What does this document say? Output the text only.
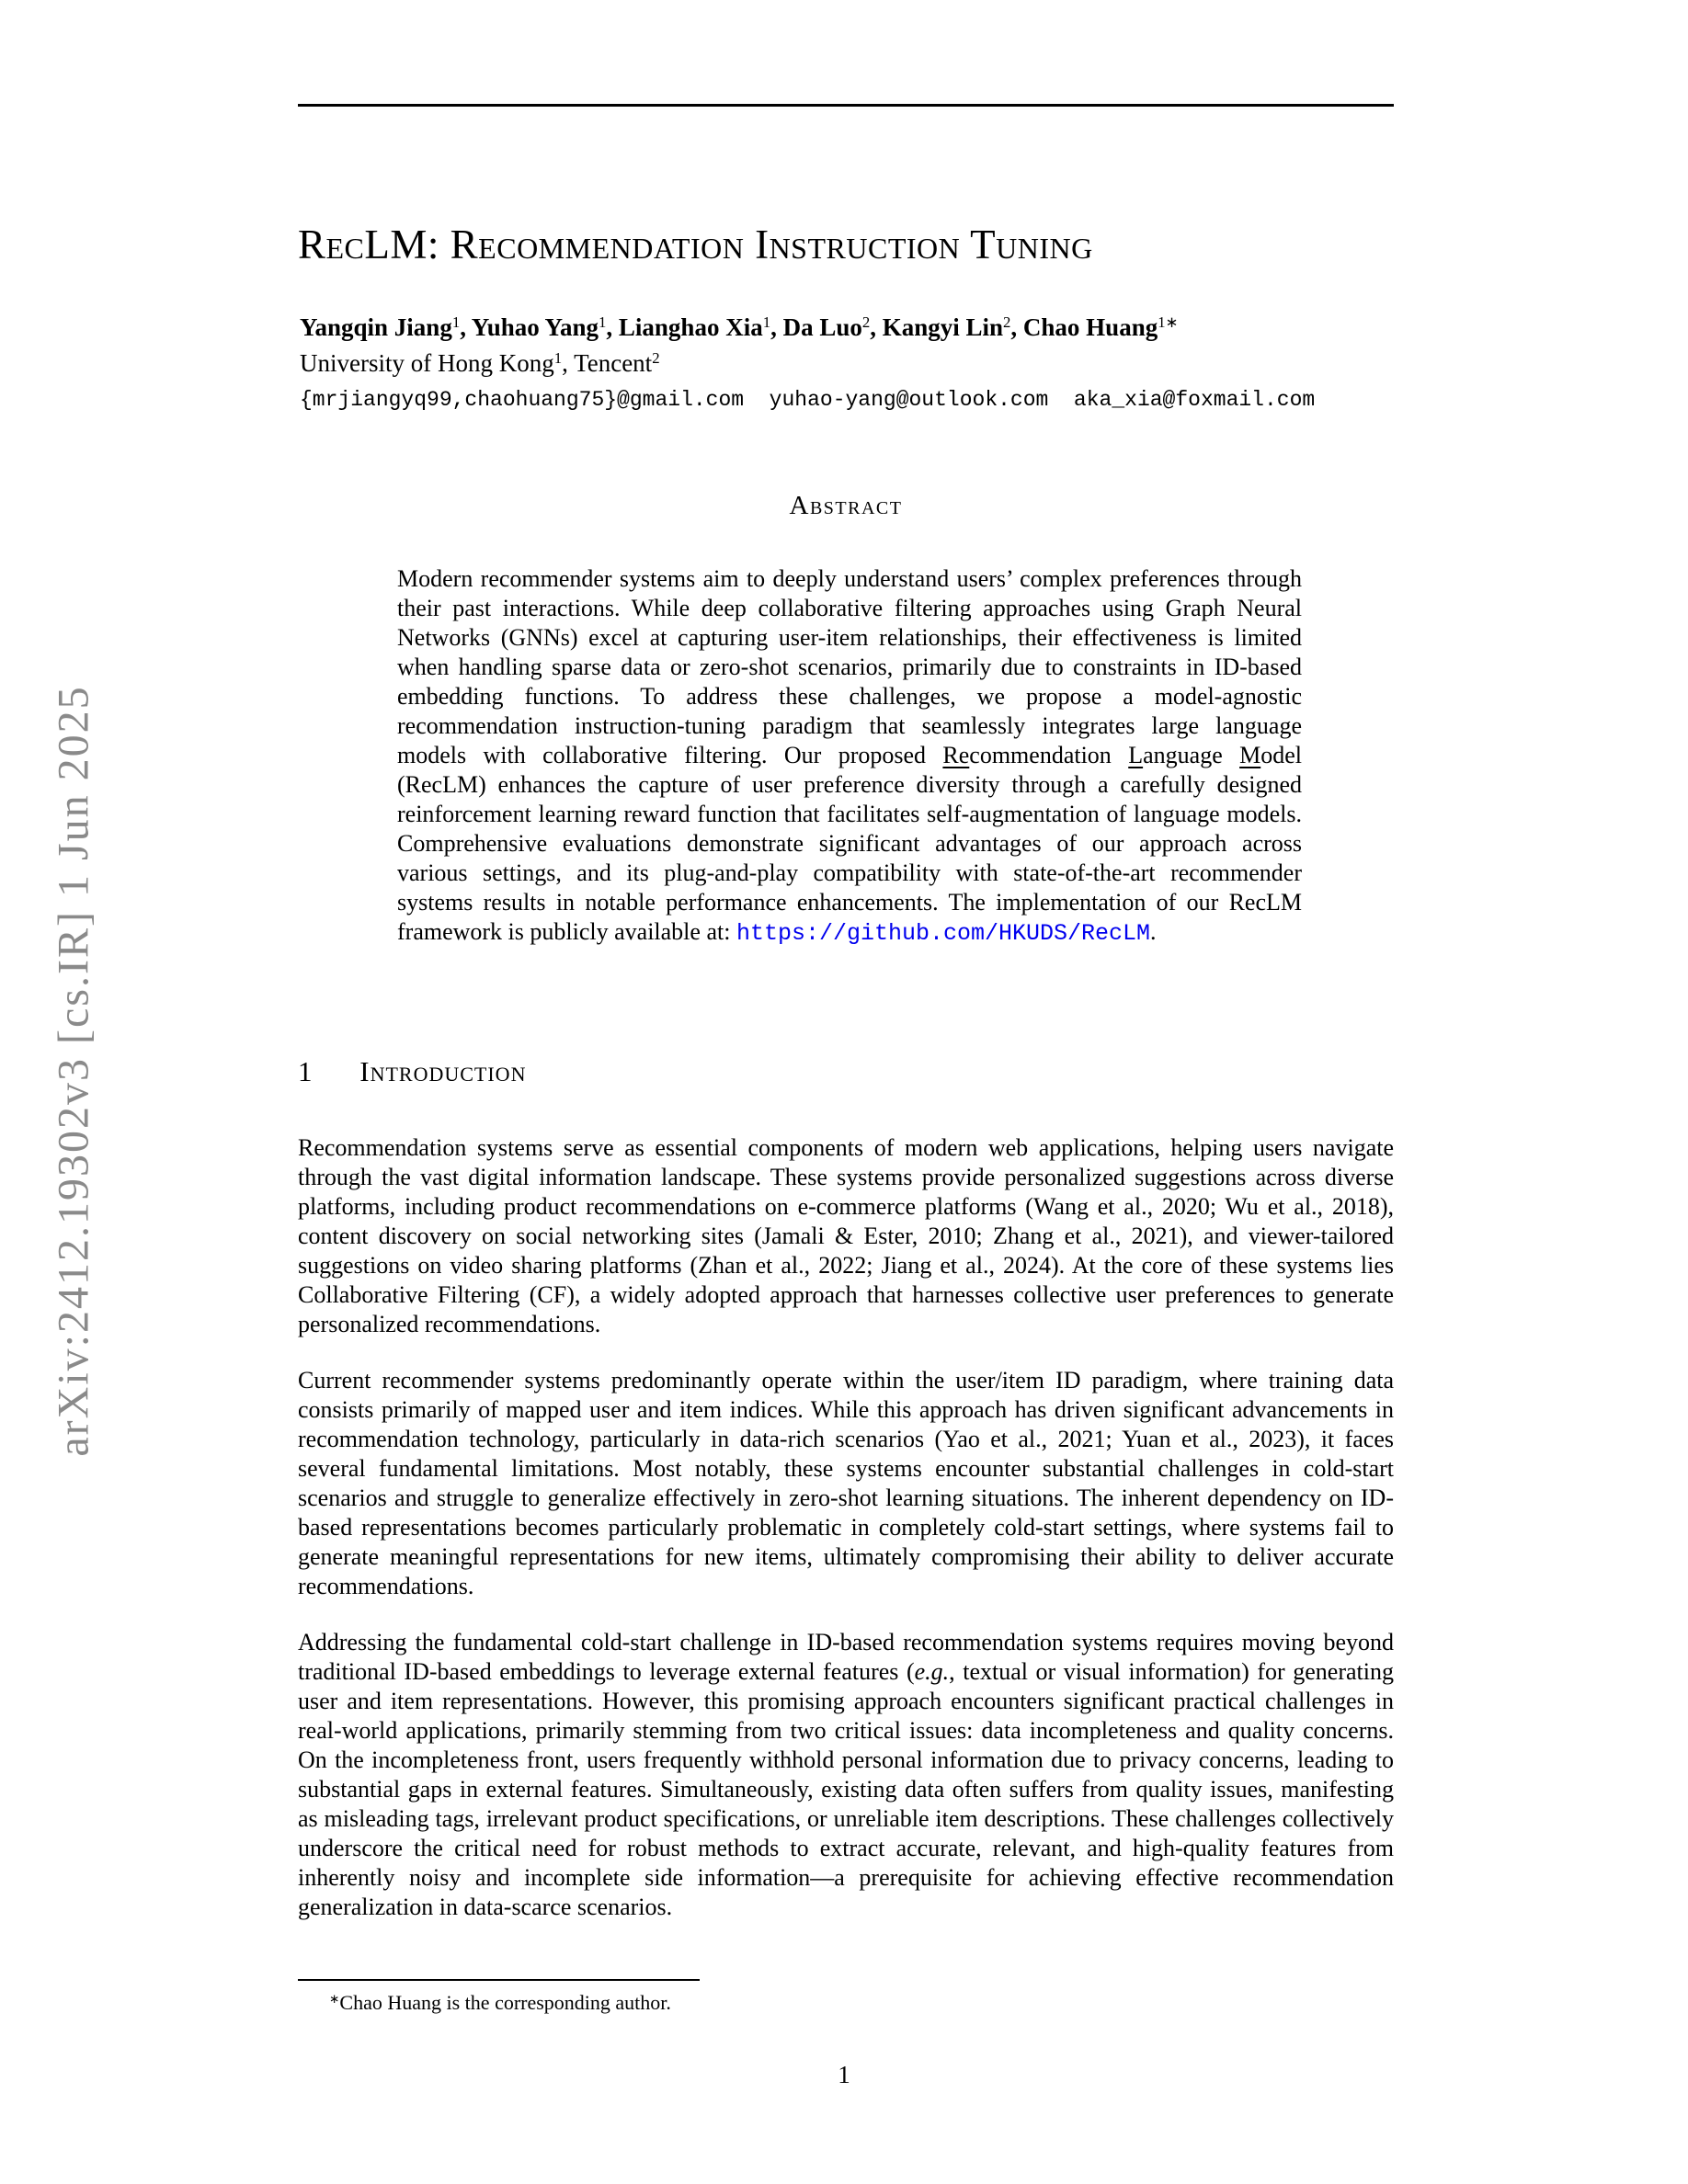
arXiv:2412.19302v3 [cs.IR] 1 Jun 2025
RecLM: Recommendation Instruction Tuning
Yangqin Jiang$^1$, Yuhao Yang$^1$, Lianghao Xia$^1$, Da Luo$^2$, Kangyi Lin$^2$, Chao Huang$^{1∗}$
University of Hong Kong$^1$, Tencent$^2$
{mrjiangyq99,chaohuang75}@gmail.com  yuhao-yang@outlook.com  aka_xia@foxmail.com
Abstract
Modern recommender systems aim to deeply understand users’ complex preferences through their past interactions. While deep collaborative filtering approaches using Graph Neural Networks (GNNs) excel at capturing user-item relationships, their effectiveness is limited when handling sparse data or zero-shot scenarios, primarily due to constraints in ID-based embedding functions. To address these challenges, we propose a model-agnostic recommendation instruction-tuning paradigm that seamlessly integrates large language models with collaborative filtering. Our proposed Recommendation Language Model (RecLM) enhances the capture of user preference diversity through a carefully designed reinforcement learning reward function that facilitates self-augmentation of language models. Comprehensive evaluations demonstrate significant advantages of our approach across various settings, and its plug-and-play compatibility with state-of-the-art recommender systems results in notable performance enhancements. The implementation of our RecLM framework is publicly available at: https://github.com/HKUDS/RecLM.
1 Introduction

Recommendation systems serve as essential components of modern web applications, helping users navigate through the vast digital information landscape. These systems provide personalized suggestions across diverse platforms, including product recommendations on e-commerce platforms (Wang et al., 2020; Wu et al., 2018), content discovery on social networking sites (Jamali & Ester, 2010; Zhang et al., 2021), and viewer-tailored suggestions on video sharing platforms (Zhan et al., 2022; Jiang et al., 2024). At the core of these systems lies Collaborative Filtering (CF), a widely adopted approach that harnesses collective user preferences to generate personalized recommendations.

Current recommender systems predominantly operate within the user/item ID paradigm, where training data consists primarily of mapped user and item indices. While this approach has driven significant advancements in recommendation technology, particularly in data-rich scenarios (Yao et al., 2021; Yuan et al., 2023), it faces several fundamental limitations. Most notably, these systems encounter substantial challenges in cold-start scenarios and struggle to generalize effectively in zero-shot learning situations. The inherent dependency on ID-based representations becomes particularly problematic in completely cold-start settings, where systems fail to generate meaningful representations for new items, ultimately compromising their ability to deliver accurate recommendations.

Addressing the fundamental cold-start challenge in ID-based recommendation systems requires moving beyond traditional ID-based embeddings to leverage external features (e.g., textual or visual information) for generating user and item representations. However, this promising approach encounters significant practical challenges in real-world applications, primarily stemming from two critical issues: data incompleteness and quality concerns. On the incompleteness front, users frequently withhold personal information due to privacy concerns, leading to substantial gaps in external features. Simultaneously, existing data often suffers from quality issues, manifesting as misleading tags, irrelevant product specifications, or unreliable item descriptions. These challenges collectively underscore the critical need for robust methods to extract accurate, relevant, and high-quality features from inherently noisy and incomplete side information—a prerequisite for achieving effective recommendation generalization in data-scarce scenarios.

∗Chao Huang is the corresponding author.
1
